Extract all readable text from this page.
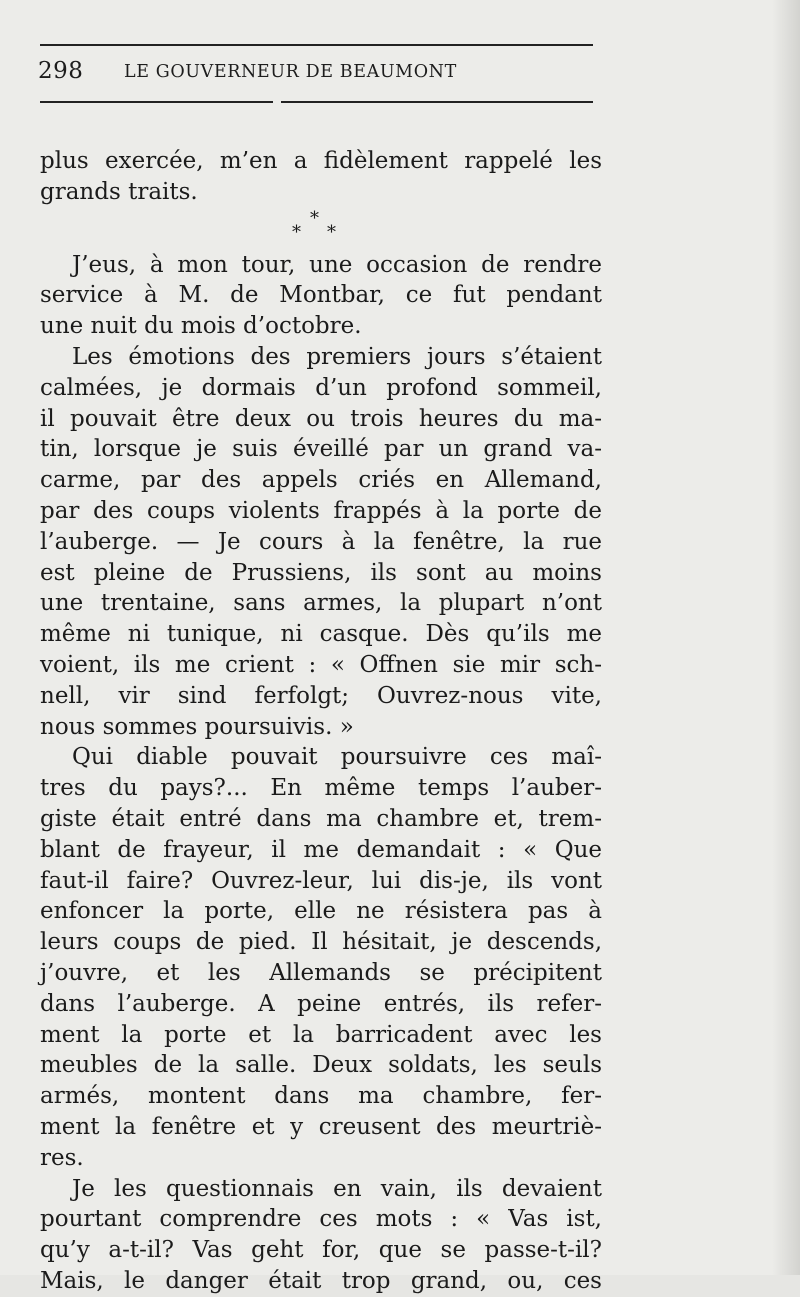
298 LE GOUVERNEUR DE BEAUMONT
plus exercée, m’en a fidèlement rappelé les
grands traits.
*
* *
J’eus, à mon tour, une occasion de rendre
service à M. de Montbar, ce fut pendant
une nuit du mois d’octobre.
Les émotions des premiers jours s’étaient
calmées, je dormais d’un profond sommeil,
il pouvait être deux ou trois heures du ma-
tin, lorsque je suis éveillé par un grand va-
carme, par des appels criés en Allemand,
par des coups violents frappés à la porte de
l’auberge. — Je cours à la fenêtre, la rue
est pleine de Prussiens, ils sont au moins
une trentaine, sans armes, la plupart n’ont
même ni tunique, ni casque. Dès qu’ils me
voient, ils me crient : « Offnen sie mir sch-
nell, vir sind ferfolgt; Ouvrez-nous vite,
nous sommes poursuivis. »
Qui diable pouvait poursuivre ces maî-
tres du pays?... En même temps l’auber-
giste était entré dans ma chambre et, trem-
blant de frayeur, il me demandait : « Que
faut-il faire? Ouvrez-leur, lui dis-je, ils vont
enfoncer la porte, elle ne résistera pas à
leurs coups de pied. Il hésitait, je descends,
j’ouvre, et les Allemands se précipitent
dans l’auberge. A peine entrés, ils refer-
ment la porte et la barricadent avec les
meubles de la salle. Deux soldats, les seuls
armés, montent dans ma chambre, fer-
ment la fenêtre et y creusent des meurtriè-
res.
Je les questionnais en vain, ils devaient
pourtant comprendre ces mots : « Vas ist,
qu’y a-t-il? Vas geht for, que se passe-t-il?
Mais, le danger était trop grand, ou, ces
